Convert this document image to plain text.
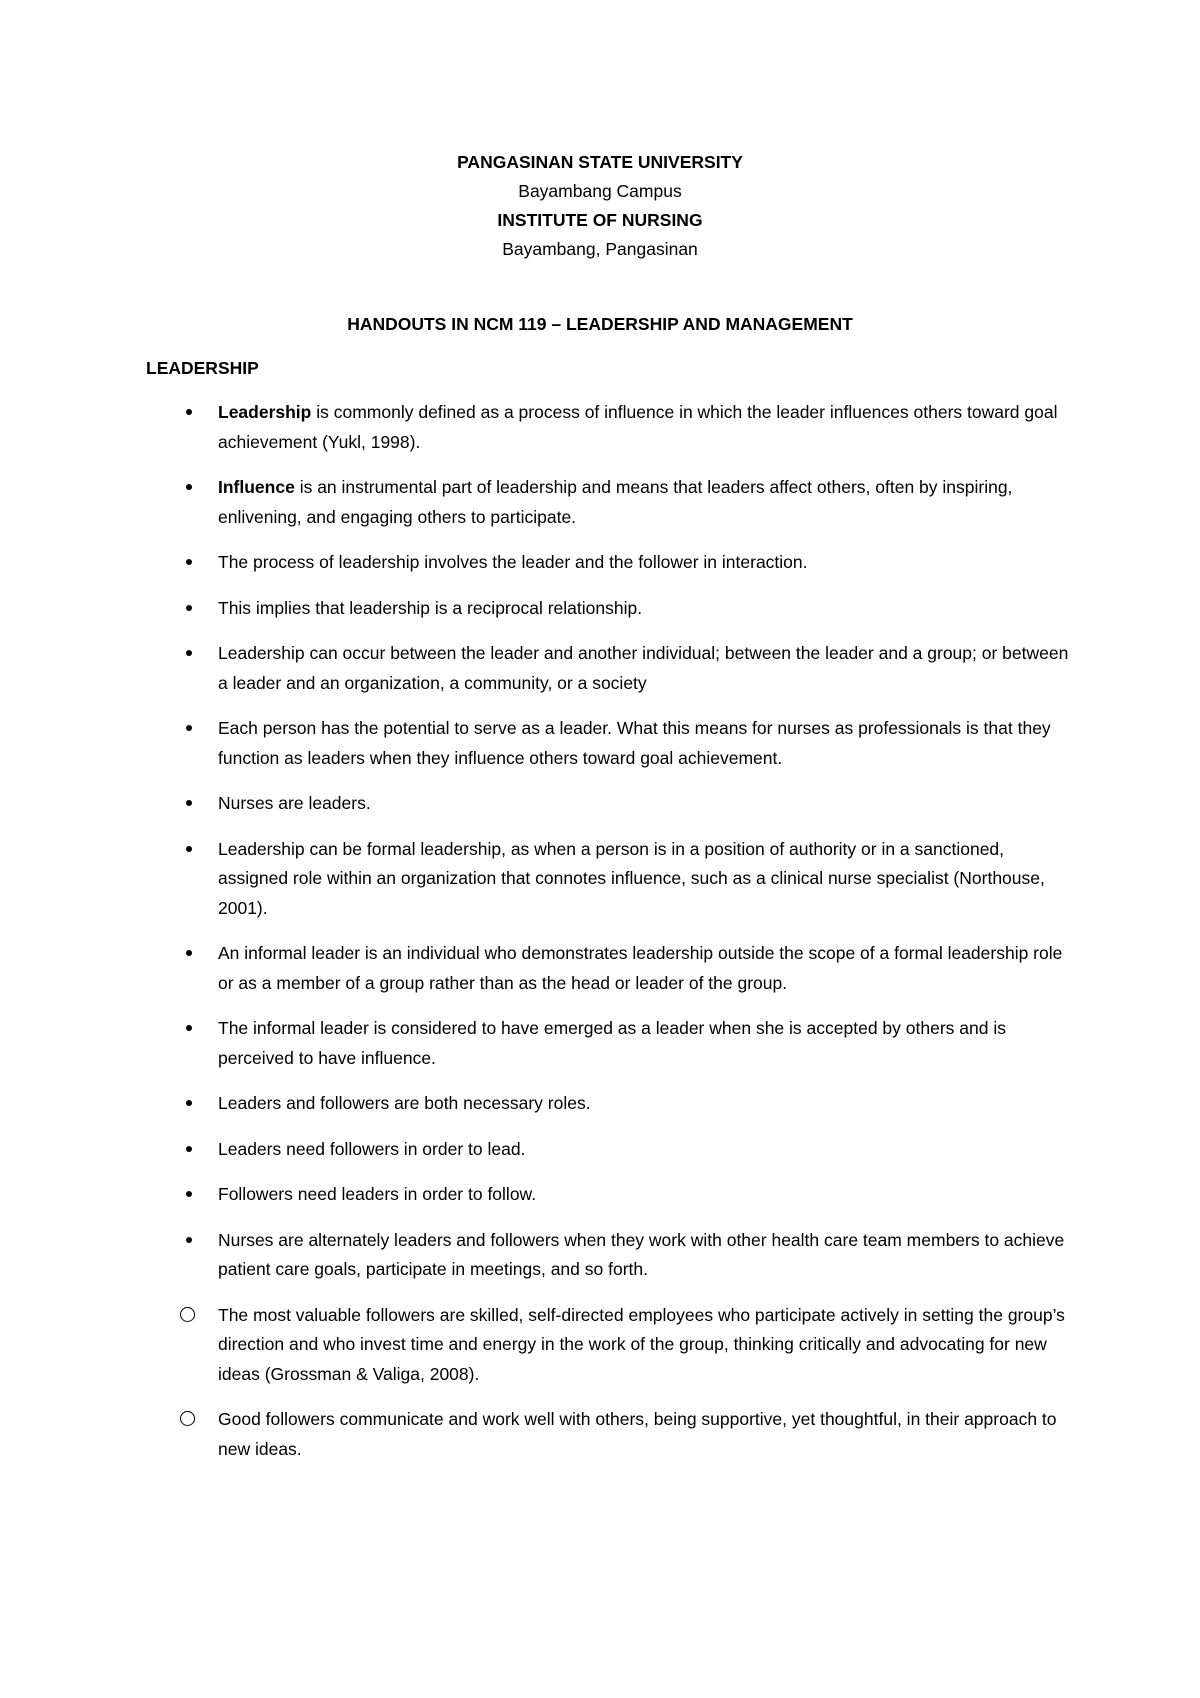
PANGASINAN STATE UNIVERSITY
Bayambang Campus
INSTITUTE OF NURSING
Bayambang, Pangasinan
HANDOUTS IN NCM 119 – LEADERSHIP AND MANAGEMENT
LEADERSHIP
Leadership is commonly defined as a process of influence in which the leader influences others toward goal achievement (Yukl, 1998).
Influence is an instrumental part of leadership and means that leaders affect others, often by inspiring, enlivening, and engaging others to participate.
The process of leadership involves the leader and the follower in interaction.
This implies that leadership is a reciprocal relationship.
Leadership can occur between the leader and another individual; between the leader and a group; or between a leader and an organization, a community, or a society
Each person has the potential to serve as a leader. What this means for nurses as professionals is that they function as leaders when they influence others toward goal achievement.
Nurses are leaders.
Leadership can be formal leadership, as when a person is in a position of authority or in a sanctioned, assigned role within an organization that connotes influence, such as a clinical nurse specialist (Northouse, 2001).
An informal leader is an individual who demonstrates leadership outside the scope of a formal leadership role or as a member of a group rather than as the head or leader of the group.
The informal leader is considered to have emerged as a leader when she is accepted by others and is perceived to have influence.
Leaders and followers are both necessary roles.
Leaders need followers in order to lead.
Followers need leaders in order to follow.
Nurses are alternately leaders and followers when they work with other health care team members to achieve patient care goals, participate in meetings, and so forth.
The most valuable followers are skilled, self-directed employees who participate actively in setting the group’s direction and who invest time and energy in the work of the group, thinking critically and advocating for new ideas (Grossman & Valiga, 2008).
Good followers communicate and work well with others, being supportive, yet thoughtful, in their approach to new ideas.
